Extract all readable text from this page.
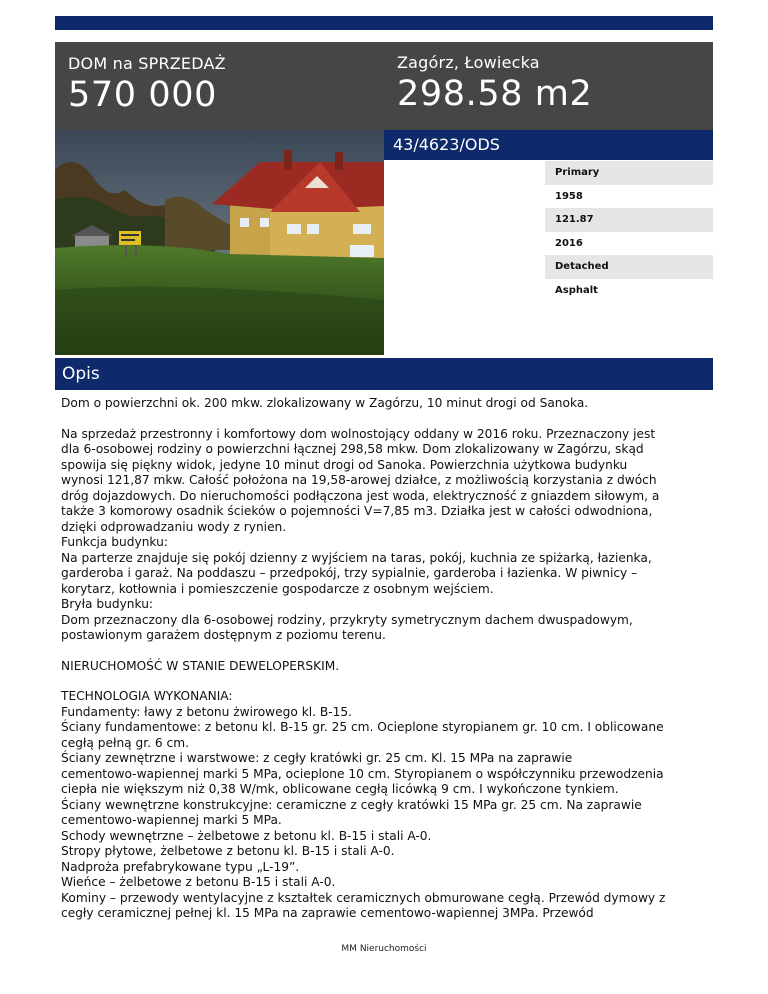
DOM na SPRZEDAŻ
570 000
Zagórz, Łowiecka
298.58 m2
43/4623/ODS
Primary
1958
121.87
2016
Detached
Asphalt
Opis

Dom o powierzchni ok. 200 mkw. zlokalizowany w Zagórzu, 10 minut drogi od Sanoka.

Na sprzedaż przestronny i komfortowy dom wolnostojący oddany w 2016 roku. Przeznaczony jest
dla 6-osobowej rodziny o powierzchni łącznej 298,58 mkw. Dom zlokalizowany w Zagórzu, skąd
spowija się piękny widok, jedyne 10 minut drogi od Sanoka. Powierzchnia użytkowa budynku
wynosi 121,87 mkw. Całość położona na 19,58-arowej działce, z możliwością korzystania z dwóch
dróg dojazdowych. Do nieruchomości podłączona jest woda, elektryczność z gniazdem siłowym, a
także 3 komorowy osadnik ścieków o pojemności V=7,85 m3. Działka jest w całości odwodniona,
dzięki odprowadzaniu wody z rynien.
Funkcja budynku:
Na parterze znajduje się pokój dzienny z wyjściem na taras, pokój, kuchnia ze spiżarką, łazienka,
garderoba i garaż. Na poddaszu – przedpokój, trzy sypialnie, garderoba i łazienka. W piwnicy –
korytarz, kotłownia i pomieszczenie gospodarcze z osobnym wejściem.
Bryła budynku:
Dom przeznaczony dla 6-osobowej rodziny, przykryty symetrycznym dachem dwuspadowym,
postawionym garażem dostępnym z poziomu terenu.

NIERUCHOMOŚĆ W STANIE DEWELOPERSKIM.

TECHNOLOGIA WYKONANIA:
Fundamenty: ławy z betonu żwirowego kl. B-15.
Ściany fundamentowe: z betonu kl. B-15 gr. 25 cm. Ocieplone styropianem gr. 10 cm. I oblicowane
cegłą pełną gr. 6 cm.
Ściany zewnętrzne i warstwowe: z cegły kratówki gr. 25 cm. Kl. 15 MPa na zaprawie
cementowo-wapiennej marki 5 MPa, ocieplone 10 cm. Styropianem o współczynniku przewodzenia
ciepła nie większym niż 0,38 W/mk, oblicowane cegłą licówką 9 cm. I wykończone tynkiem.
Ściany wewnętrzne konstrukcyjne: ceramiczne z cegły kratówki 15 MPa gr. 25 cm. Na zaprawie
cementowo-wapiennej marki 5 MPa.
Schody wewnętrzne – żelbetowe z betonu kl. B-15 i stali A-0.
Stropy płytowe, żelbetowe z betonu kl. B-15 i stali A-0.
Nadproża prefabrykowane typu „L-19”.
Wieńce – żelbetowe z betonu B-15 i stali A-0.
Kominy – przewody wentylacyjne z kształtek ceramicznych obmurowane cegłą. Przewód dymowy z
cegły ceramicznej pełnej kl. 15 MPa na zaprawie cementowo-wapiennej 3MPa. Przewód

MM Nieruchomości
